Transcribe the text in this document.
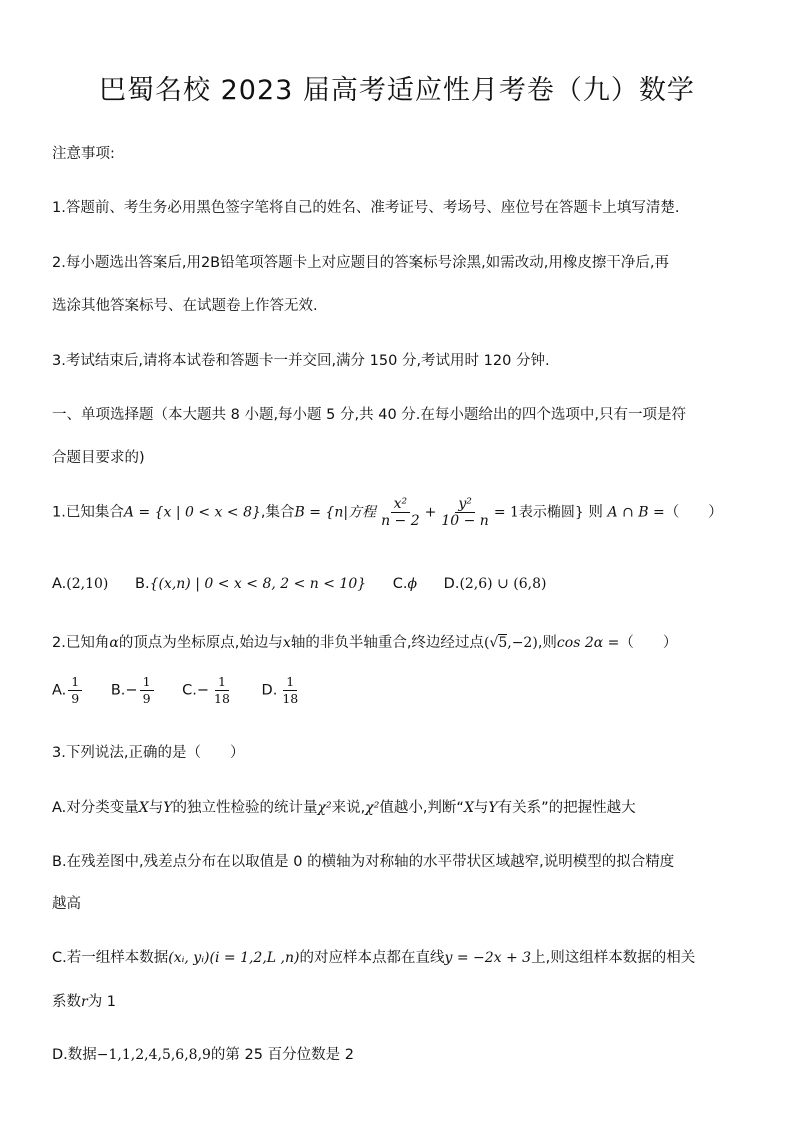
巴蜀名校 2023 届高考适应性月考卷（九）数学
注意事项:
1.答题前、考生务必用黑色签字笔将自己的姓名、准考证号、考场号、座位号在答题卡上填写清楚.
2.每小题选出答案后,用2B铅笔项答题卡上对应题目的答案标号涂黑,如需改动,用橡皮擦干净后,再
选涂其他答案标号、在试题卷上作答无效.
3.考试结束后,请将本试卷和答题卡一并交回,满分 150 分,考试用时 120 分钟.
一、单项选择题（本大题共 8 小题,每小题 5 分,共 40 分.在每小题给出的四个选项中,只有一项是符
合题目要求的)
1.已知集合A = {x | 0 < x < 8},集合B = {n|方程 $\frac{\text{x²}}{n - 2} + \frac{\text{y²}}{10 - n} = 1$表示椭圆} 则 A ∩ B =（　　）
A.(2,10) B.{(x,n) | 0 < x < 8, 2 < n < 10} C.ϕ D.(2,6) ∪ (6,8)
2.已知角α的顶点为坐标原点,始边与x轴的非负半轴重合,终边经过点(√5,−2),则cos 2α =（　　）
A. $\frac{1}{9} B.- \frac{1}{9} C.- \frac{1}{18} D$. $\frac{1}{18}$
3.下列说法,正确的是（　　）
A.对分类变量X与Y的独立性检验的统计量χ²来说,χ²值越小,判断“X与Y有关系”的把握性越大
B.在残差图中,残差点分布在以取值是 0 的横轴为对称轴的水平带状区域越窄,说明模型的拟合精度
越高
C.若一组样本数据(xᵢ, yᵢ)(i = 1,2,L ,n)的对应样本点都在直线y = −2x + 3上,则这组样本数据的相关
系数r为 1
D.数据−1,1,2,4,5,6,8,9的第 25 百分位数是 2
